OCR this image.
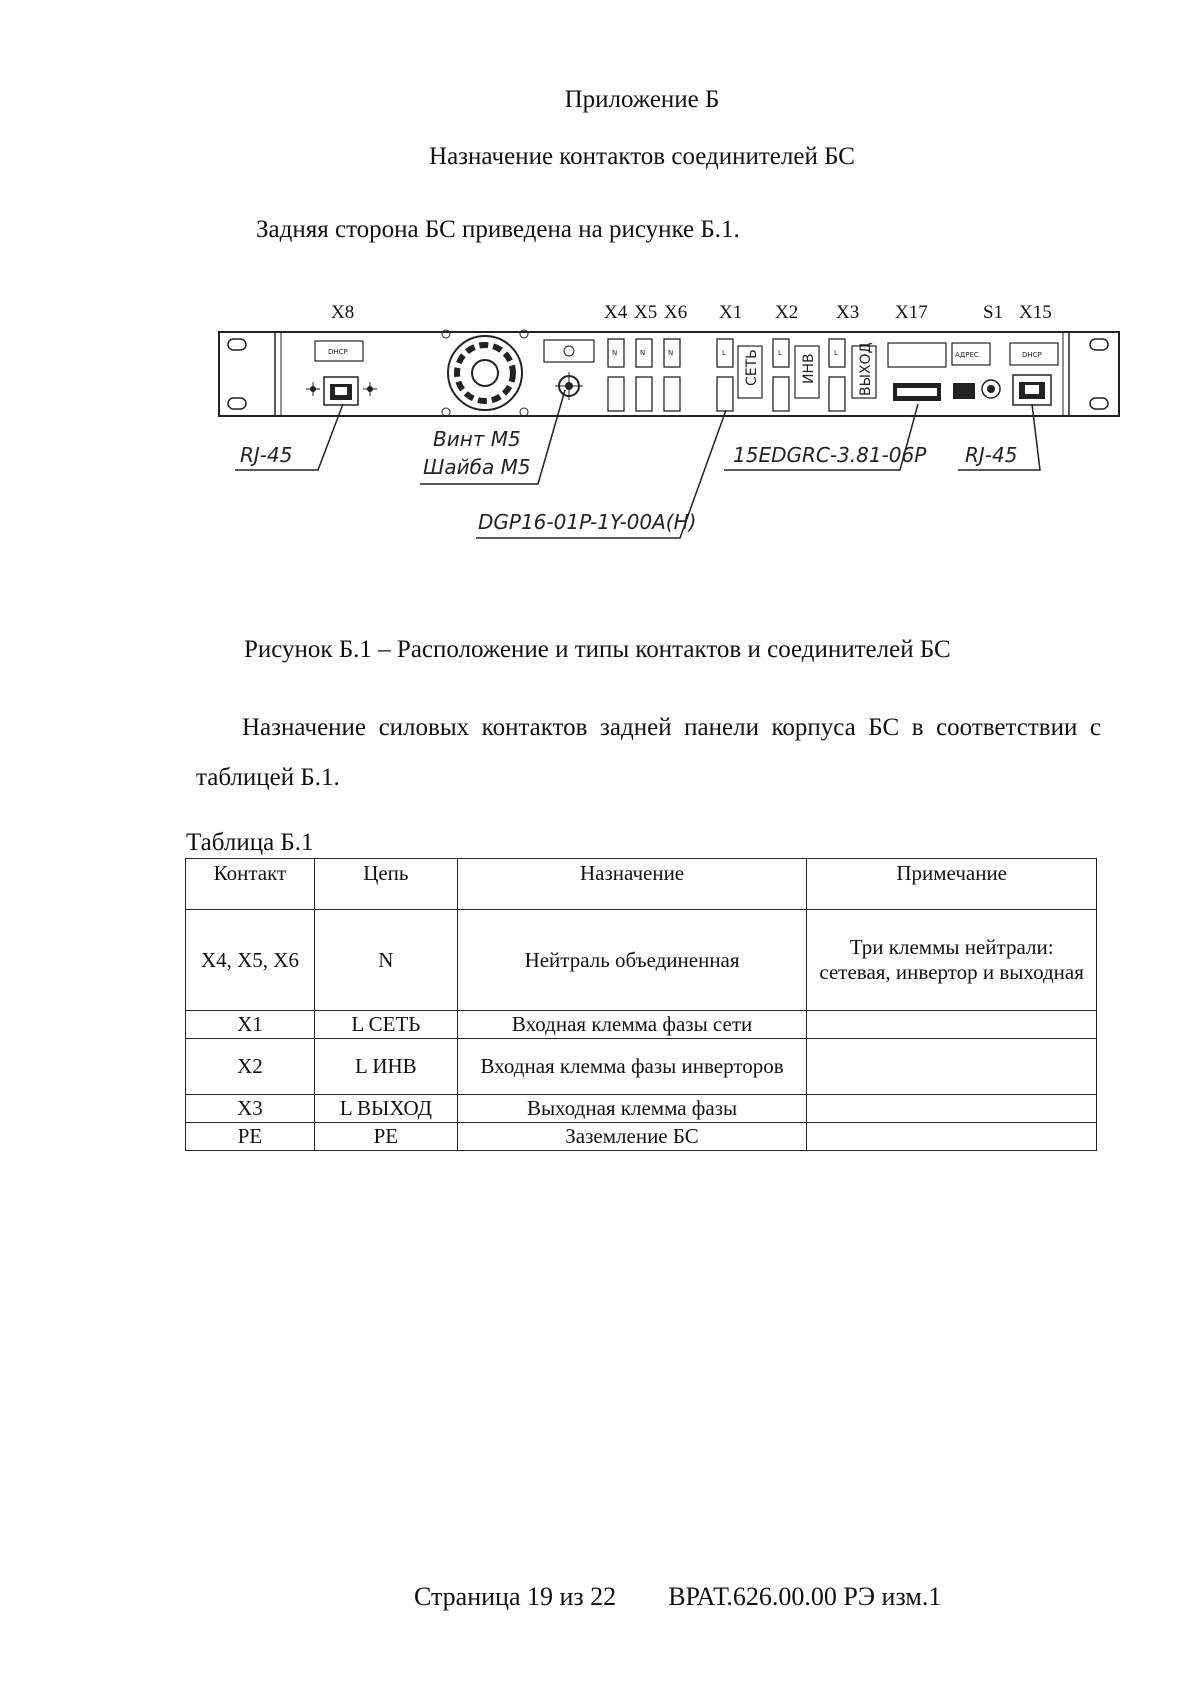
Приложение Б
Назначение контактов соединителей БС
Задняя сторона БС приведена на рисунке Б.1.
X8	X4 X5 X6 X1 X2 X3 X17	S1 X15
DHCP	N	N	N	L	L	L
СЕТЬ	ИНВ	ВЫХОД	АДРЕС	DHCP
RJ-45
Винт М5
Шайба М5
DGP16-01P-1Y-00A(H)
15EDGRC-3.81-06P RJ-45
Рисунок Б.1 – Расположение и типы контактов и соединителей БС
Назначение силовых контактов задней панели корпуса БС в соответствии с таблицей Б.1.
Таблица Б.1
Контакт	Цепь	Назначение	Примечание
X4, X5, X6	N	Нейтраль объединенная	Три клеммы нейтрали: сетевая, инвертор и выходная
X1	L СЕТЬ	Входная клемма фазы сети	
X2	L ИНВ	Входная клемма фазы инверторов	
X3	L ВЫХОД	Выходная клемма фазы	
PE	PE	Заземление БС	
Страница 19 из 22 ВРАТ.626.00.00 РЭ изм.1
